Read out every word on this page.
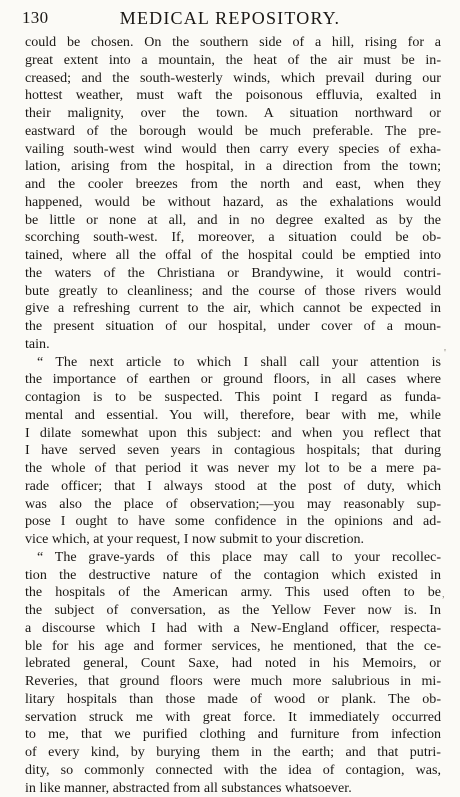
130	MEDICAL REPOSITORY.
'
,
could be chosen. On the southern side of a hill, rising for a
great extent into a mountain, the heat of the air must be in-
creased; and the south-westerly winds, which prevail during our
hottest weather, must waft the poisonous effluvia, exalted in
their malignity, over the town. A situation northward or
eastward of the borough would be much preferable. The pre-
vailing south-west wind would then carry every species of exha-
lation, arising from the hospital, in a direction from the town;
and the cooler breezes from the north and east, when they
happened, would be without hazard, as the exhalations would
be little or none at all, and in no degree exalted as by the
scorching south-west. If, moreover, a situation could be ob-
tained, where all the offal of the hospital could be emptied into
the waters of the Christiana or Brandywine, it would contri-
bute greatly to cleanliness; and the course of those rivers would
give a refreshing current to the air, which cannot be expected in
the present situation of our hospital, under cover of a moun-
tain.
“ The next article to which I shall call your attention is
the importance of earthen or ground floors, in all cases where
contagion is to be suspected. This point I regard as funda-
mental and essential. You will, therefore, bear with me, while
I dilate somewhat upon this subject: and when you reflect that
I have served seven years in contagious hospitals; that during
the whole of that period it was never my lot to be a mere pa-
rade officer; that I always stood at the post of duty, which
was also the place of observation;—you may reasonably sup-
pose I ought to have some confidence in the opinions and ad-
vice which, at your request, I now submit to your discretion.
“ The grave-yards of this place may call to your recollec-
tion the destructive nature of the contagion which existed in
the hospitals of the American army. This used often to be
the subject of conversation, as the Yellow Fever now is. In
a discourse which I had with a New-England officer, respecta-
ble for his age and former services, he mentioned, that the ce-
lebrated general, Count Saxe, had noted in his Memoirs, or
Reveries, that ground floors were much more salubrious in mi-
litary hospitals than those made of wood or plank. The ob-
servation struck me with great force. It immediately occurred
to me, that we purified clothing and furniture from infection
of every kind, by burying them in the earth; and that putri-
dity, so commonly connected with the idea of contagion, was,
in like manner, abstracted from all substances whatsoever.
